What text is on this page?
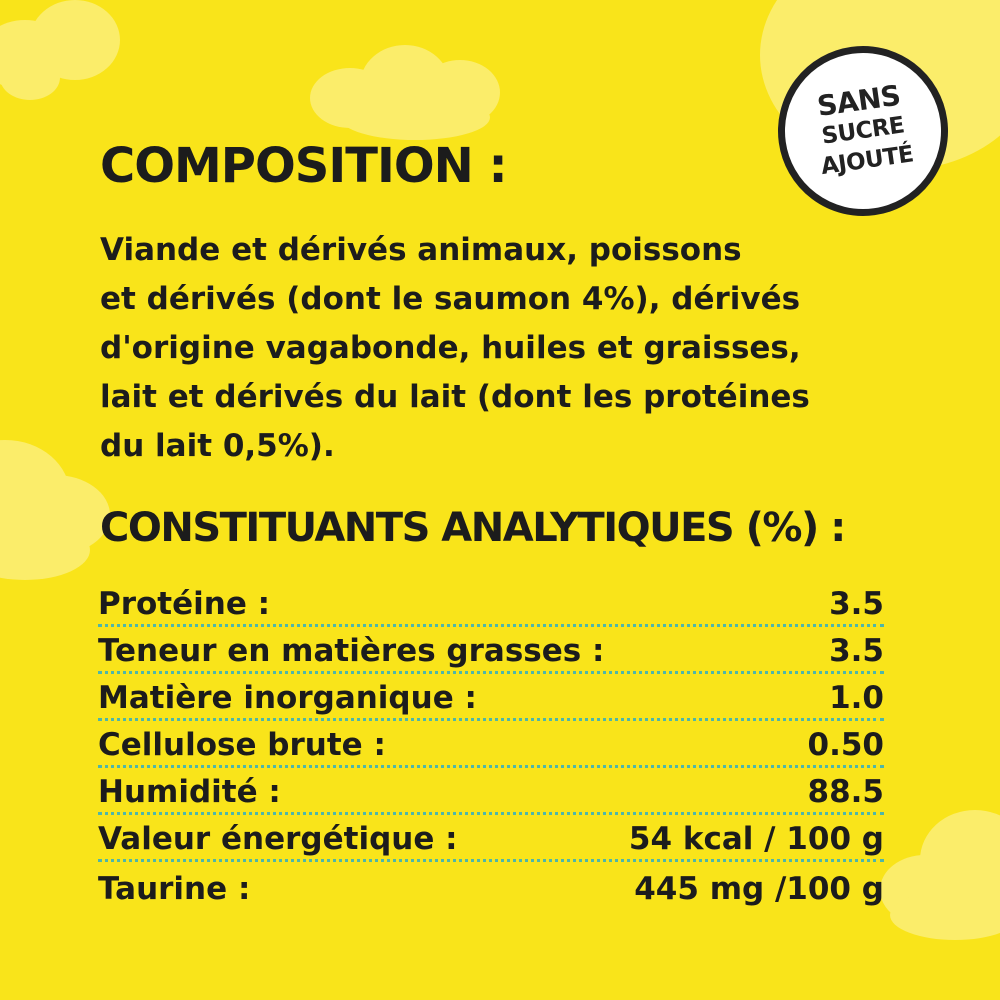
SANS
SUCRE
AJOUTÉ
COMPOSITION :

Viande et dérivés animaux, poissons
et dérivés (dont le saumon 4%), dérivés
d'origine vagabonde, huiles et graisses,
lait et dérivés du lait (dont les protéines
du lait 0,5%).

CONSTITUANTS ANALYTIQUES (%) :
Protéine :	3.5
Teneur en matières grasses :	3.5
Matière inorganique :	1.0
Cellulose brute :	0.50
Humidité :	88.5
Valeur énergétique :	54 kcal / 100 g
Taurine :	445 mg /100 g
